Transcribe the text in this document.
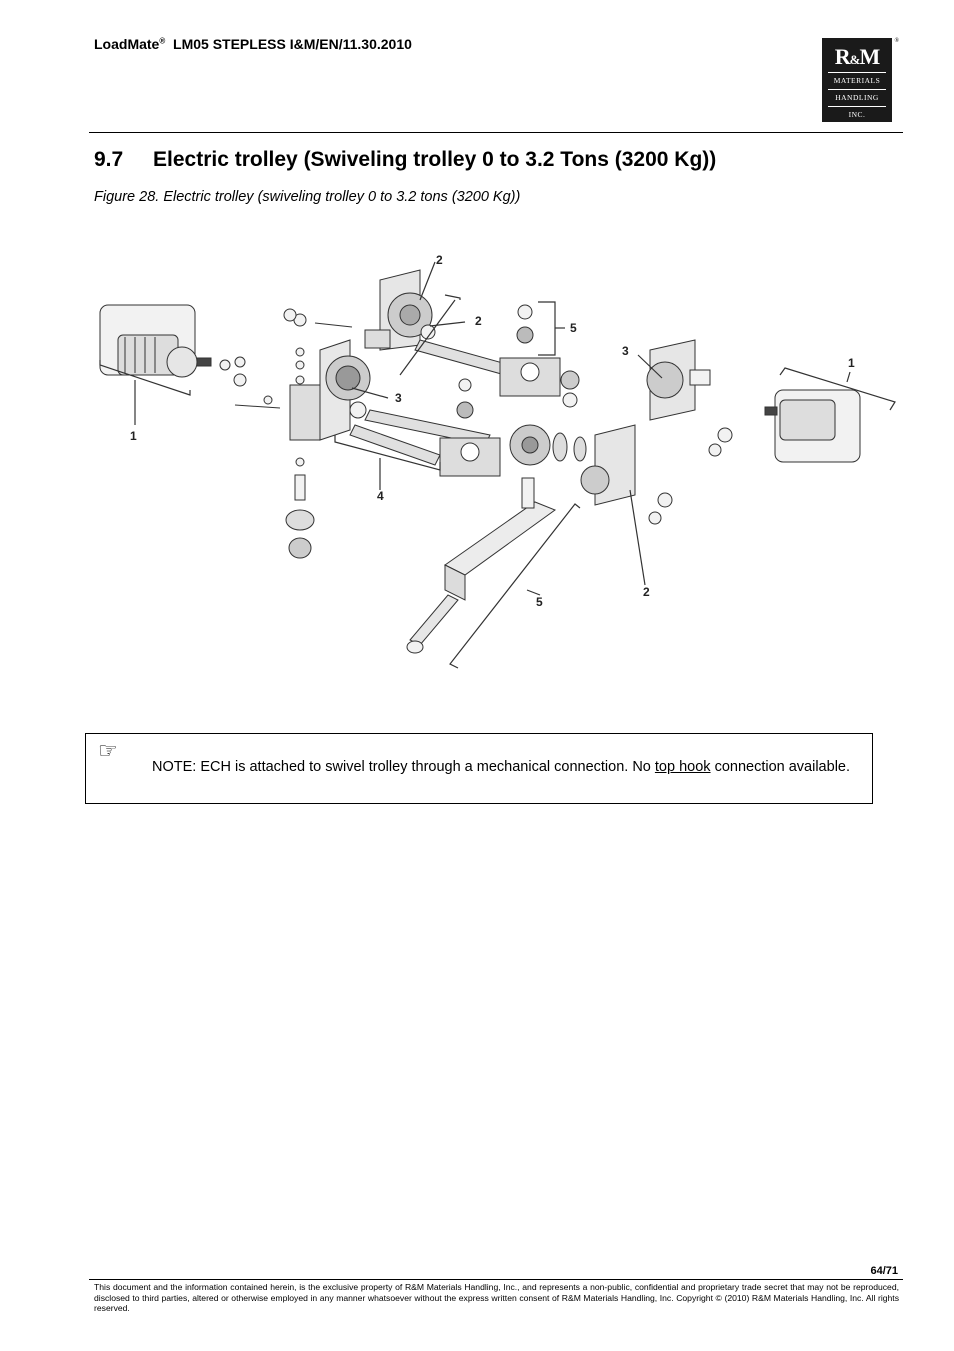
LoadMate® LM05 STEPLESS I&M/EN/11.30.2010	®
R&M
MATERIALS
HANDLING
INC.
9.7 Electric trolley (Swiveling trolley 0 to 3.2 Tons (3200 Kg))
Figure 28. Electric trolley (swiveling trolley 0 to 3.2 tons (3200 Kg))
1
1
2
2
2
3
3
4
5
5
☞
NOTE: ECH is attached to swivel trolley through a mechanical connection. No top hook connection available.
64/71
This document and the information contained herein, is the exclusive property of R&M Materials Handling, Inc., and represents a non-public, confidential and proprietary trade secret that may not be reproduced, disclosed to third parties, altered or otherwise employed in any manner whatsoever without the express written consent of R&M Materials Handling, Inc. Copyright © (2010) R&M Materials Handling, Inc. All rights reserved.
